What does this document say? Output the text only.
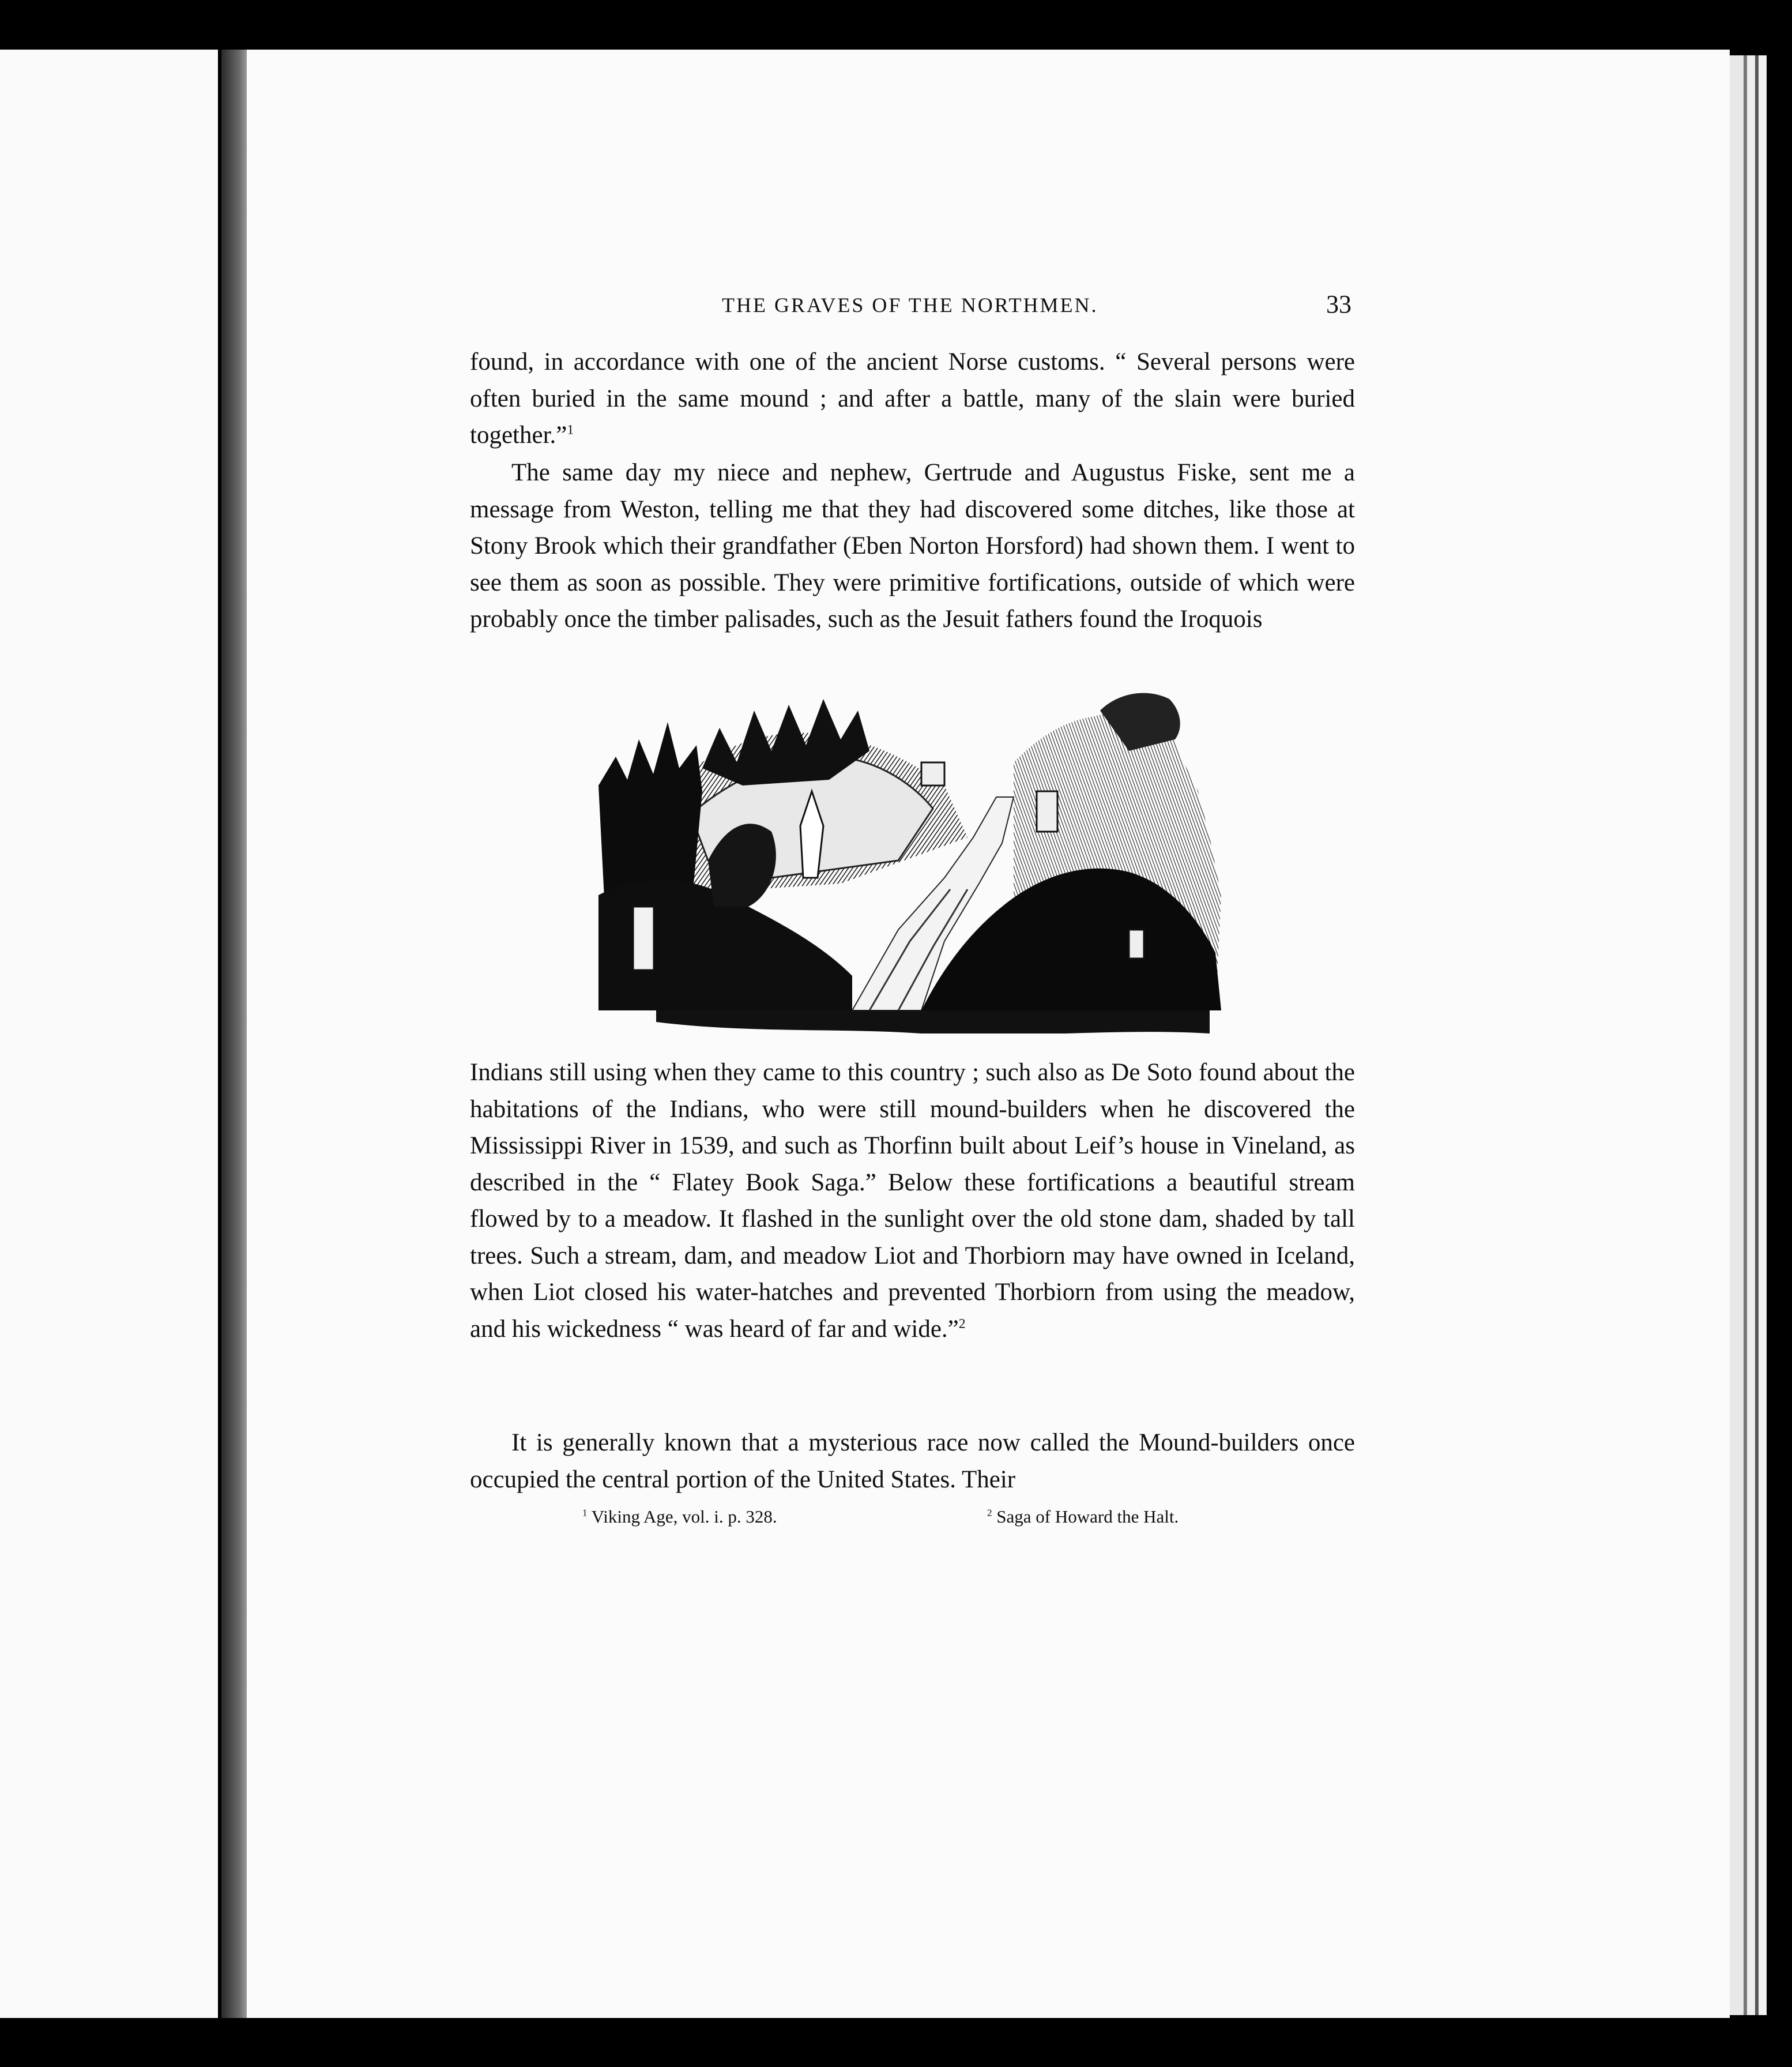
THE GRAVES OF THE NORTHMEN.	33

found, in accordance with one of the ancient Norse customs. “ Several persons were often buried in the same mound ; and after a battle, many of the slain were buried together.”$^1$

The same day my niece and nephew, Gertrude and Augustus Fiske, sent me a message from Weston, telling me that they had discovered some ditches, like those at Stony Brook which their grandfather (Eben Norton Horsford) had shown them. I went to see them as soon as possible. They were primitive fortifications, outside of which were probably once the timber palisades, such as the Jesuit fathers found the Iroquois

Indians still using when they came to this country ; such also as De Soto found about the habitations of the Indians, who were still mound-builders when he discovered the Mississippi River in 1539, and such as Thorfinn built about Leif’s house in Vineland, as described in the “ Flatey Book Saga.” Below these fortifications a beautiful stream flowed by to a meadow. It flashed in the sunlight over the old stone dam, shaded by tall trees. Such a stream, dam, and meadow Liot and Thorbiorn may have owned in Iceland, when Liot closed his water-hatches and prevented Thorbiorn from using the meadow, and his wickedness “ was heard of far and wide.”$^2$

It is generally known that a mysterious race now called the Mound-builders once occupied the central portion of the United States. Their

$^1$ Viking Age, vol. i. p. 328.	$^2$ Saga of Howard the Halt.
